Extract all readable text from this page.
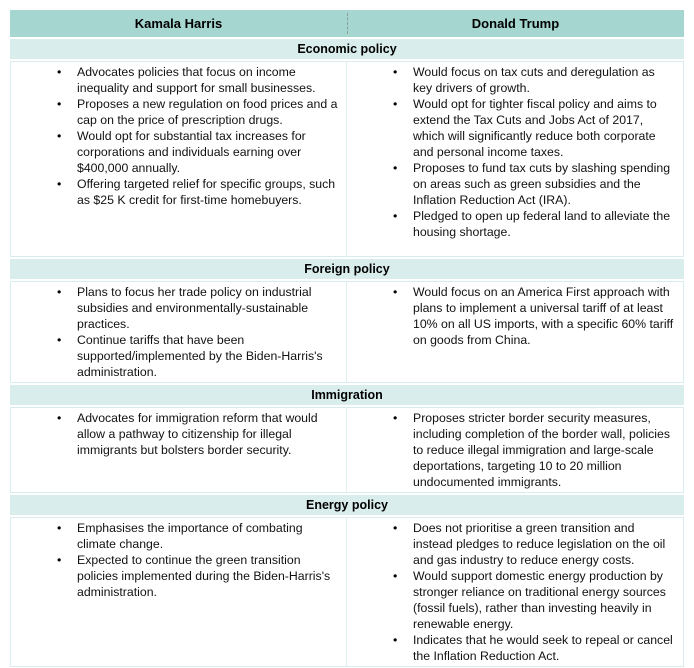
Kamala Harris	Donald Trump
Economic policy
• Advocates policies that focus on income inequality and support for small businesses.
• Proposes a new regulation on food prices and a cap on the price of prescription drugs.
• Would opt for substantial tax increases for corporations and individuals earning over $400,000 annually.
• Offering targeted relief for specific groups, such as $25 K credit for first-time homebuyers.
• Would focus on tax cuts and deregulation as key drivers of growth.
• Would opt for tighter fiscal policy and aims to extend the Tax Cuts and Jobs Act of 2017, which will significantly reduce both corporate and personal income taxes.
• Proposes to fund tax cuts by slashing spending on areas such as green subsidies and the Inflation Reduction Act (IRA).
• Pledged to open up federal land to alleviate the housing shortage.
Foreign policy
• Plans to focus her trade policy on industrial subsidies and environmentally-sustainable practices.
• Continue tariffs that have been supported/implemented by the Biden-Harris's administration.
• Would focus on an America First approach with plans to implement a universal tariff of at least 10% on all US imports, with a specific 60% tariff on goods from China.
Immigration
• Advocates for immigration reform that would allow a pathway to citizenship for illegal immigrants but bolsters border security.
• Proposes stricter border security measures, including completion of the border wall, policies to reduce illegal immigration and large-scale deportations, targeting 10 to 20 million undocumented immigrants.
Energy policy
• Emphasises the importance of combating climate change.
• Expected to continue the green transition policies implemented during the Biden-Harris's administration.
• Does not prioritise a green transition and instead pledges to reduce legislation on the oil and gas industry to reduce energy costs.
• Would support domestic energy production by stronger reliance on traditional energy sources (fossil fuels), rather than investing heavily in renewable energy.
• Indicates that he would seek to repeal or cancel the Inflation Reduction Act.
